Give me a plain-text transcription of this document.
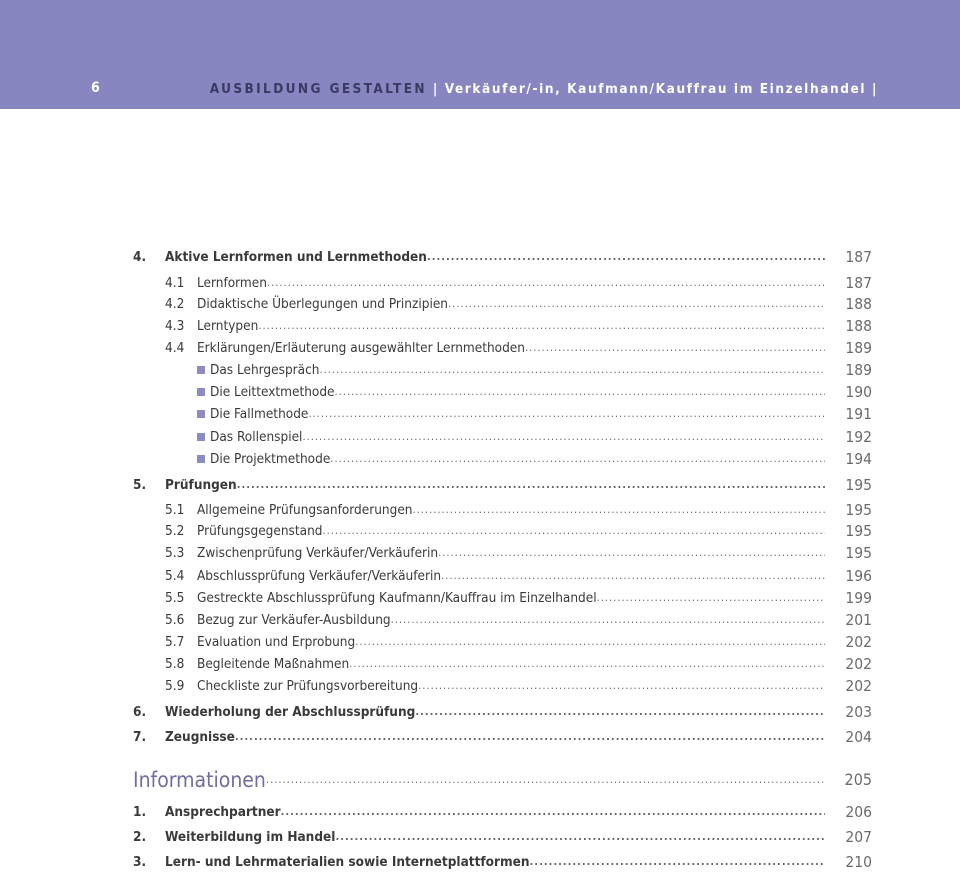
6	AUSBILDUNG GESTALTEN | Verkäufer/-in, Kaufmann/Kauffrau im Einzelhandel |
4. Aktive Lernformen und Lernmethoden .....	187
4.1 Lernformen .....	187
4.2 Didaktische Überlegungen und Prinzipien .....	188
4.3 Lerntypen .....	188
4.4 Erklärungen/Erläuterung ausgewählter Lernmethoden .....	189
Das Lehrgespräch .....	189
Die Leittextmethode .....	190
Die Fallmethode .....	191
Das Rollenspiel .....	192
Die Projektmethode .....	194
5. Prüfungen .....	195
5.1 Allgemeine Prüfungsanforderungen .....	195
5.2 Prüfungsgegenstand .....	195
5.3 Zwischenprüfung Verkäufer/Verkäuferin .....	195
5.4 Abschlussprüfung Verkäufer/Verkäuferin .....	196
5.5 Gestreckte Abschlussprüfung Kaufmann/Kauffrau im Einzelhandel .....	199
5.6 Bezug zur Verkäufer-Ausbildung .....	201
5.7 Evaluation und Erprobung .....	202
5.8 Begleitende Maßnahmen .....	202
5.9 Checkliste zur Prüfungsvorbereitung .....	202
6. Wiederholung der Abschlussprüfung .....	203
7. Zeugnisse .....	204
Informationen .....	205
1. Ansprechpartner .....	206
2. Weiterbildung im Handel .....	207
3. Lern- und Lehrmaterialien sowie Internetplattformen .....	210
